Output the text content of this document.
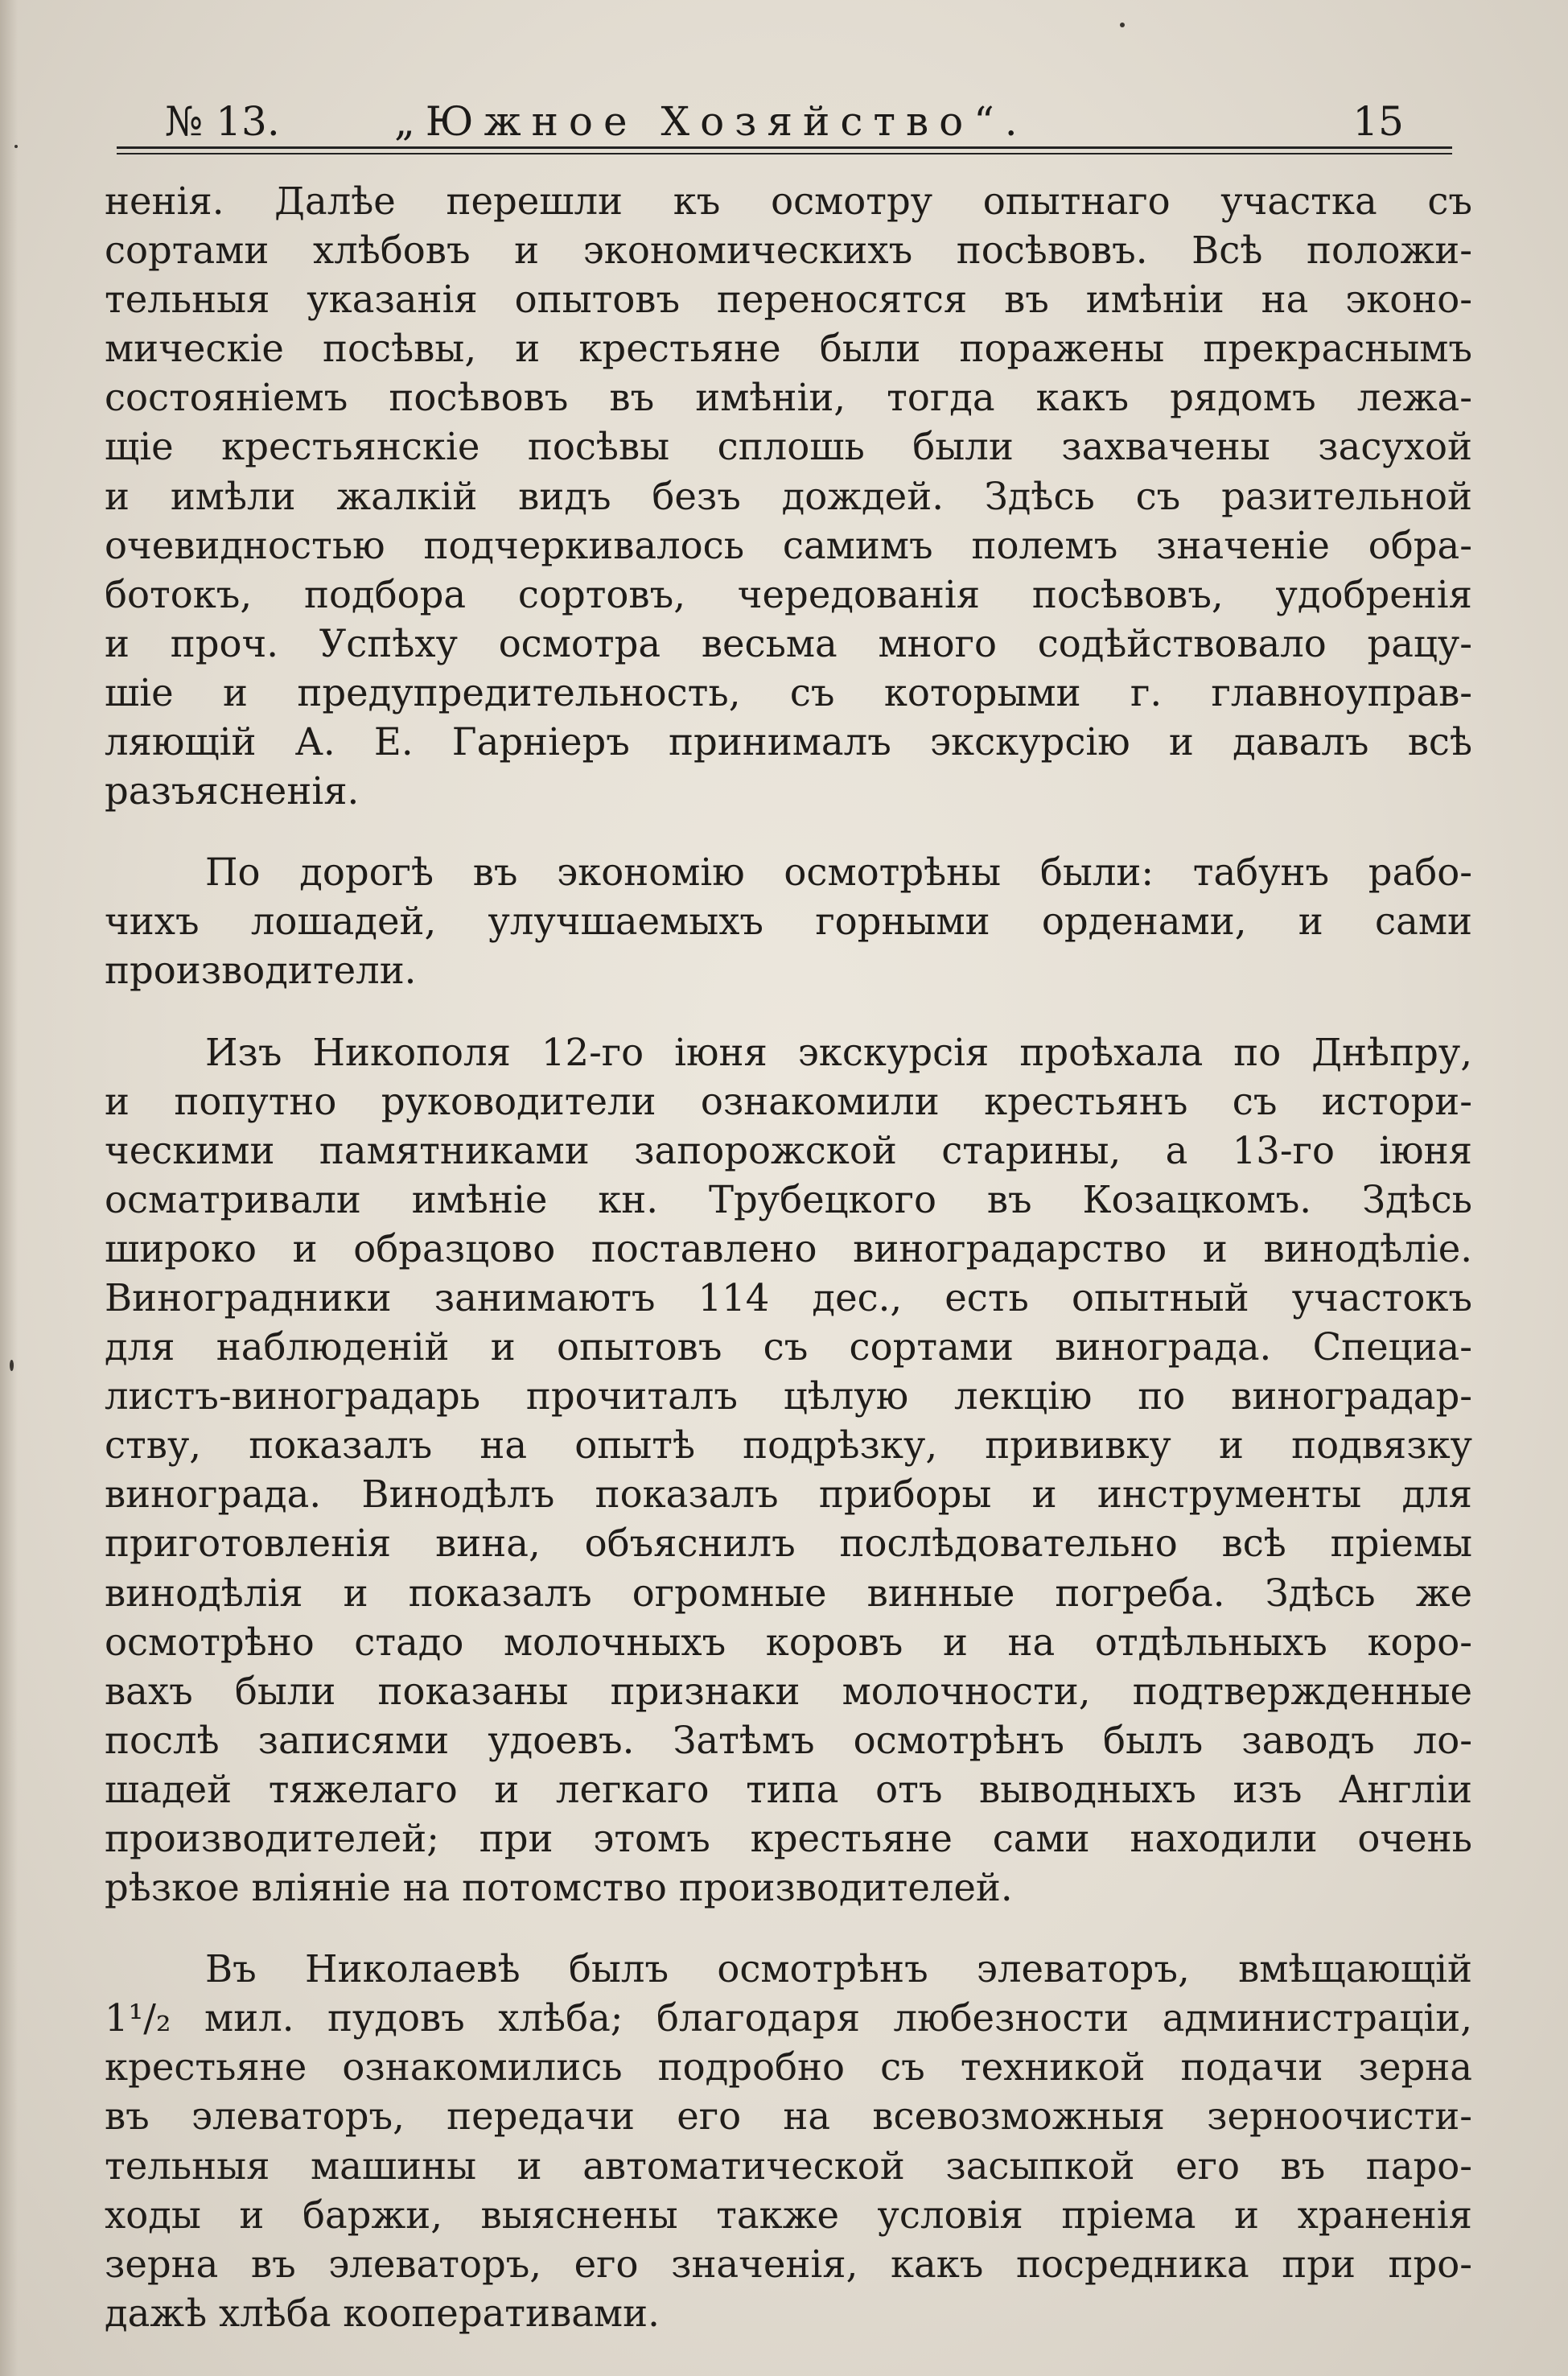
№ 13.	„Южное Хозяйство“.	15
ненія. Далѣе перешли къ осмотру опытнаго участка съ
сортами хлѣбовъ и экономическихъ посѣвовъ. Всѣ положи-
тельныя указанія опытовъ переносятся въ имѣніи на эконо-
мическіе посѣвы, и крестьяне были поражены прекраснымъ
состояніемъ посѣвовъ въ имѣніи, тогда какъ рядомъ лежа-
щіе крестьянскіе посѣвы сплошь были захвачены засухой
и имѣли жалкій видъ безъ дождей. Здѣсь съ разительной
очевидностью подчеркивалось самимъ полемъ значеніе обра-
ботокъ, подбора сортовъ, чередованія посѣвовъ, удобренія
и проч. Успѣху осмотра весьма много содѣйствовало рацу-
шіе и предупредительность, съ которыми г. главноуправ-
ляющій А. Е. Гарніеръ принималъ экскурсію и давалъ всѣ
разъясненія.
По дорогѣ въ экономію осмотрѣны были: табунъ рабо-
чихъ лошадей, улучшаемыхъ горными орденами, и сами
производители.
Изъ Никополя 12-го іюня экскурсія проѣхала по Днѣпру,
и попутно руководители ознакомили крестьянъ съ истори-
ческими памятниками запорожской старины, а 13-го іюня
осматривали имѣніе кн. Трубецкого въ Козацкомъ. Здѣсь
широко и образцово поставлено виноградарство и винодѣліе.
Виноградники занимаютъ 114 дес., есть опытный участокъ
для наблюденій и опытовъ съ сортами винограда. Специа-
листъ-виноградарь прочиталъ цѣлую лекцію по виноградар-
ству, показалъ на опытѣ подрѣзку, прививку и подвязку
винограда. Винодѣлъ показалъ приборы и инструменты для
приготовленія вина, объяснилъ послѣдовательно всѣ пріемы
винодѣлія и показалъ огромные винные погреба. Здѣсь же
осмотрѣно стадо молочныхъ коровъ и на отдѣльныхъ коро-
вахъ были показаны признаки молочности, подтвержденные
послѣ записями удоевъ. Затѣмъ осмотрѣнъ былъ заводъ ло-
шадей тяжелаго и легкаго типа отъ выводныхъ изъ Англіи
производителей; при этомъ крестьяне сами находили очень
рѣзкое вліяніе на потомство производителей.
Въ Николаевѣ былъ осмотрѣнъ элеваторъ, вмѣщающій
1¹/₂ мил. пудовъ хлѣба; благодаря любезности администраціи,
крестьяне ознакомились подробно съ техникой подачи зерна
въ элеваторъ, передачи его на всевозможныя зерноочисти-
тельныя машины и автоматической засыпкой его въ паро-
ходы и баржи, выяснены также условія пріема и храненія
зерна въ элеваторъ, его значенія, какъ посредника при про-
дажѣ хлѣба кооперативами.
